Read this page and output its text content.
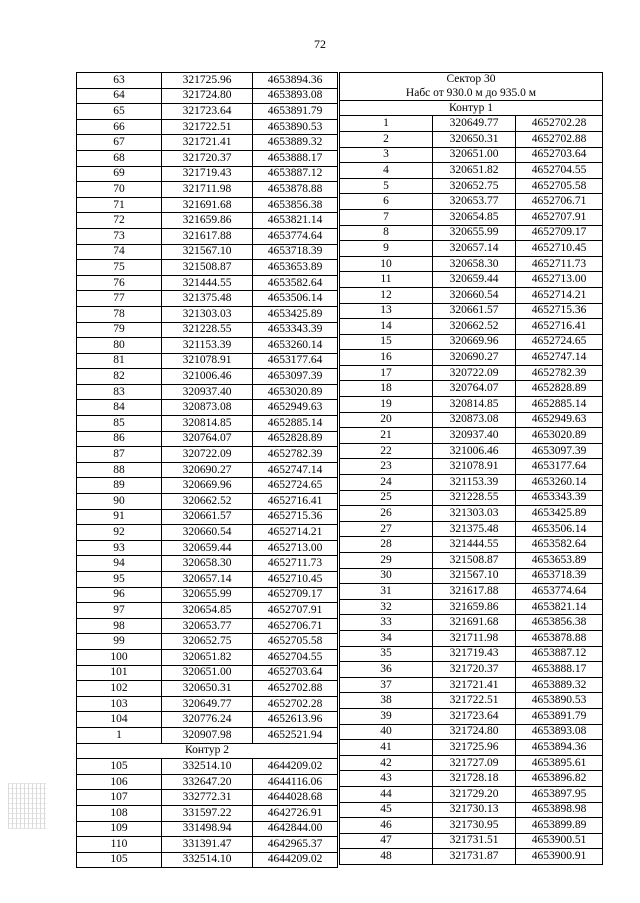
72
63	321725.96	4653894.36
64	321724.80	4653893.08
65	321723.64	4653891.79
66	321722.51	4653890.53
67	321721.41	4653889.32
68	321720.37	4653888.17
69	321719.43	4653887.12
70	321711.98	4653878.88
71	321691.68	4653856.38
72	321659.86	4653821.14
73	321617.88	4653774.64
74	321567.10	4653718.39
75	321508.87	4653653.89
76	321444.55	4653582.64
77	321375.48	4653506.14
78	321303.03	4653425.89
79	321228.55	4653343.39
80	321153.39	4653260.14
81	321078.91	4653177.64
82	321006.46	4653097.39
83	320937.40	4653020.89
84	320873.08	4652949.63
85	320814.85	4652885.14
86	320764.07	4652828.89
87	320722.09	4652782.39
88	320690.27	4652747.14
89	320669.96	4652724.65
90	320662.52	4652716.41
91	320661.57	4652715.36
92	320660.54	4652714.21
93	320659.44	4652713.00
94	320658.30	4652711.73
95	320657.14	4652710.45
96	320655.99	4652709.17
97	320654.85	4652707.91
98	320653.77	4652706.71
99	320652.75	4652705.58
100	320651.82	4652704.55
101	320651.00	4652703.64
102	320650.31	4652702.88
103	320649.77	4652702.28
104	320776.24	4652613.96
1	320907.98	4652521.94
Контур 2		
105	332514.10	4644209.02
106	332647.20	4644116.06
107	332772.31	4644028.68
108	331597.22	4642726.91
109	331498.94	4642844.00
110	331391.47	4642965.37
105	332514.10	4644209.02
Сектор 30		
Набс от 930.0 м до 935.0 м		
Контур 1		
1	320649.77	4652702.28
2	320650.31	4652702.88
3	320651.00	4652703.64
4	320651.82	4652704.55
5	320652.75	4652705.58
6	320653.77	4652706.71
7	320654.85	4652707.91
8	320655.99	4652709.17
9	320657.14	4652710.45
10	320658.30	4652711.73
11	320659.44	4652713.00
12	320660.54	4652714.21
13	320661.57	4652715.36
14	320662.52	4652716.41
15	320669.96	4652724.65
16	320690.27	4652747.14
17	320722.09	4652782.39
18	320764.07	4652828.89
19	320814.85	4652885.14
20	320873.08	4652949.63
21	320937.40	4653020.89
22	321006.46	4653097.39
23	321078.91	4653177.64
24	321153.39	4653260.14
25	321228.55	4653343.39
26	321303.03	4653425.89
27	321375.48	4653506.14
28	321444.55	4653582.64
29	321508.87	4653653.89
30	321567.10	4653718.39
31	321617.88	4653774.64
32	321659.86	4653821.14
33	321691.68	4653856.38
34	321711.98	4653878.88
35	321719.43	4653887.12
36	321720.37	4653888.17
37	321721.41	4653889.32
38	321722.51	4653890.53
39	321723.64	4653891.79
40	321724.80	4653893.08
41	321725.96	4653894.36
42	321727.09	4653895.61
43	321728.18	4653896.82
44	321729.20	4653897.95
45	321730.13	4653898.98
46	321730.95	4653899.89
47	321731.51	4653900.51
48	321731.87	4653900.91
